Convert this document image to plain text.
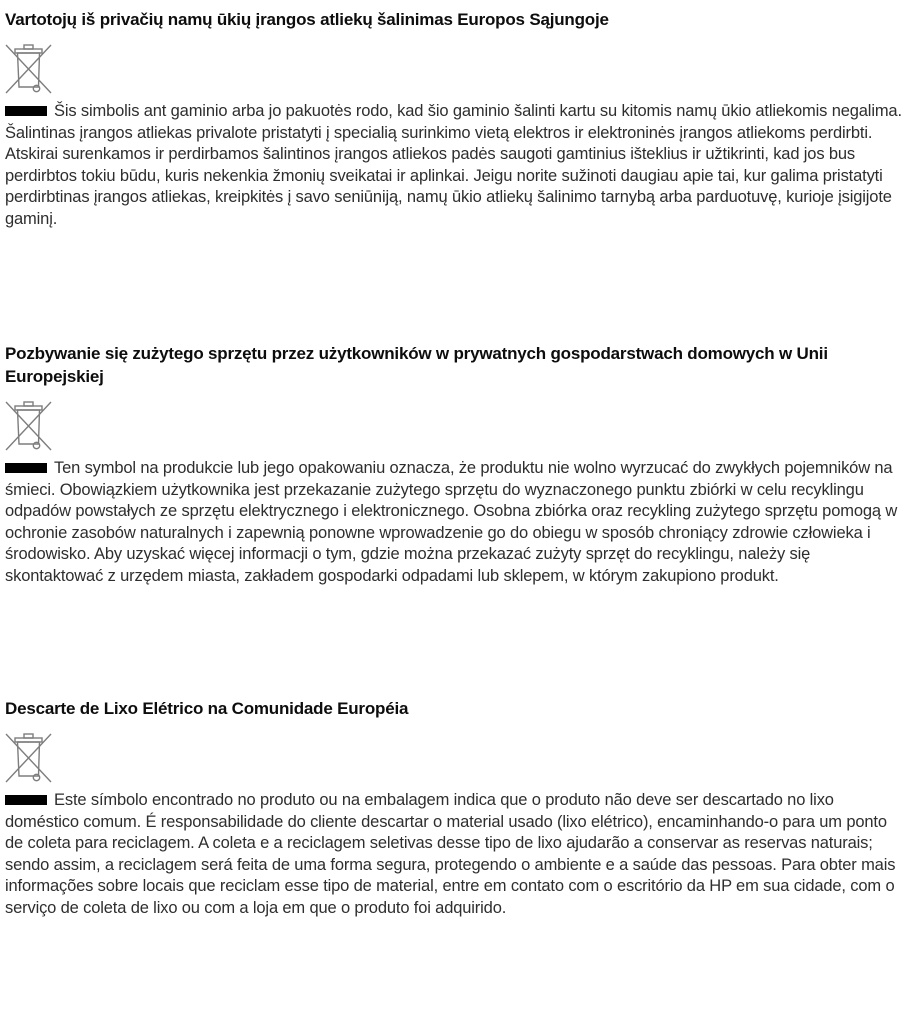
Vartotojų iš privačių namų ūkių įrangos atliekų šalinimas Europos Sąjungoje

Šis simbolis ant gaminio arba jo pakuotės rodo, kad šio gaminio šalinti kartu su kitomis namų ūkio atliekomis negalima. Šalintinas įrangos atliekas privalote pristatyti į specialią surinkimo vietą elektros ir elektroninės įrangos atliekoms perdirbti. Atskirai surenkamos ir perdirbamos šalintinos įrangos atliekos padės saugoti gamtinius išteklius ir užtikrinti, kad jos bus perdirbtos tokiu būdu, kuris nekenkia žmonių sveikatai ir aplinkai. Jeigu norite sužinoti daugiau apie tai, kur galima pristatyti perdirbtinas įrangos atliekas, kreipkitės į savo seniūniją, namų ūkio atliekų šalinimo tarnybą arba parduotuvę, kurioje įsigijote gaminį.

Pozbywanie się zużytego sprzętu przez użytkowników w prywatnych gospodarstwach domowych w Unii Europejskiej

Ten symbol na produkcie lub jego opakowaniu oznacza, że produktu nie wolno wyrzucać do zwykłych pojemników na śmieci. Obowiązkiem użytkownika jest przekazanie zużytego sprzętu do wyznaczonego punktu zbiórki w celu recyklingu odpadów powstałych ze sprzętu elektrycznego i elektronicznego. Osobna zbiórka oraz recykling zużytego sprzętu pomogą w ochronie zasobów naturalnych i zapewnią ponowne wprowadzenie go do obiegu w sposób chroniący zdrowie człowieka i środowisko. Aby uzyskać więcej informacji o tym, gdzie można przekazać zużyty sprzęt do recyklingu, należy się skontaktować z urzędem miasta, zakładem gospodarki odpadami lub sklepem, w którym zakupiono produkt.

Descarte de Lixo Elétrico na Comunidade Européia

Este símbolo encontrado no produto ou na embalagem indica que o produto não deve ser descartado no lixo doméstico comum. É responsabilidade do cliente descartar o material usado (lixo elétrico), encaminhando-o para um ponto de coleta para reciclagem. A coleta e a reciclagem seletivas desse tipo de lixo ajudarão a conservar as reservas naturais; sendo assim, a reciclagem será feita de uma forma segura, protegendo o ambiente e a saúde das pessoas. Para obter mais informações sobre locais que reciclam esse tipo de material, entre em contato com o escritório da HP em sua cidade, com o serviço de coleta de lixo ou com a loja em que o produto foi adquirido.
